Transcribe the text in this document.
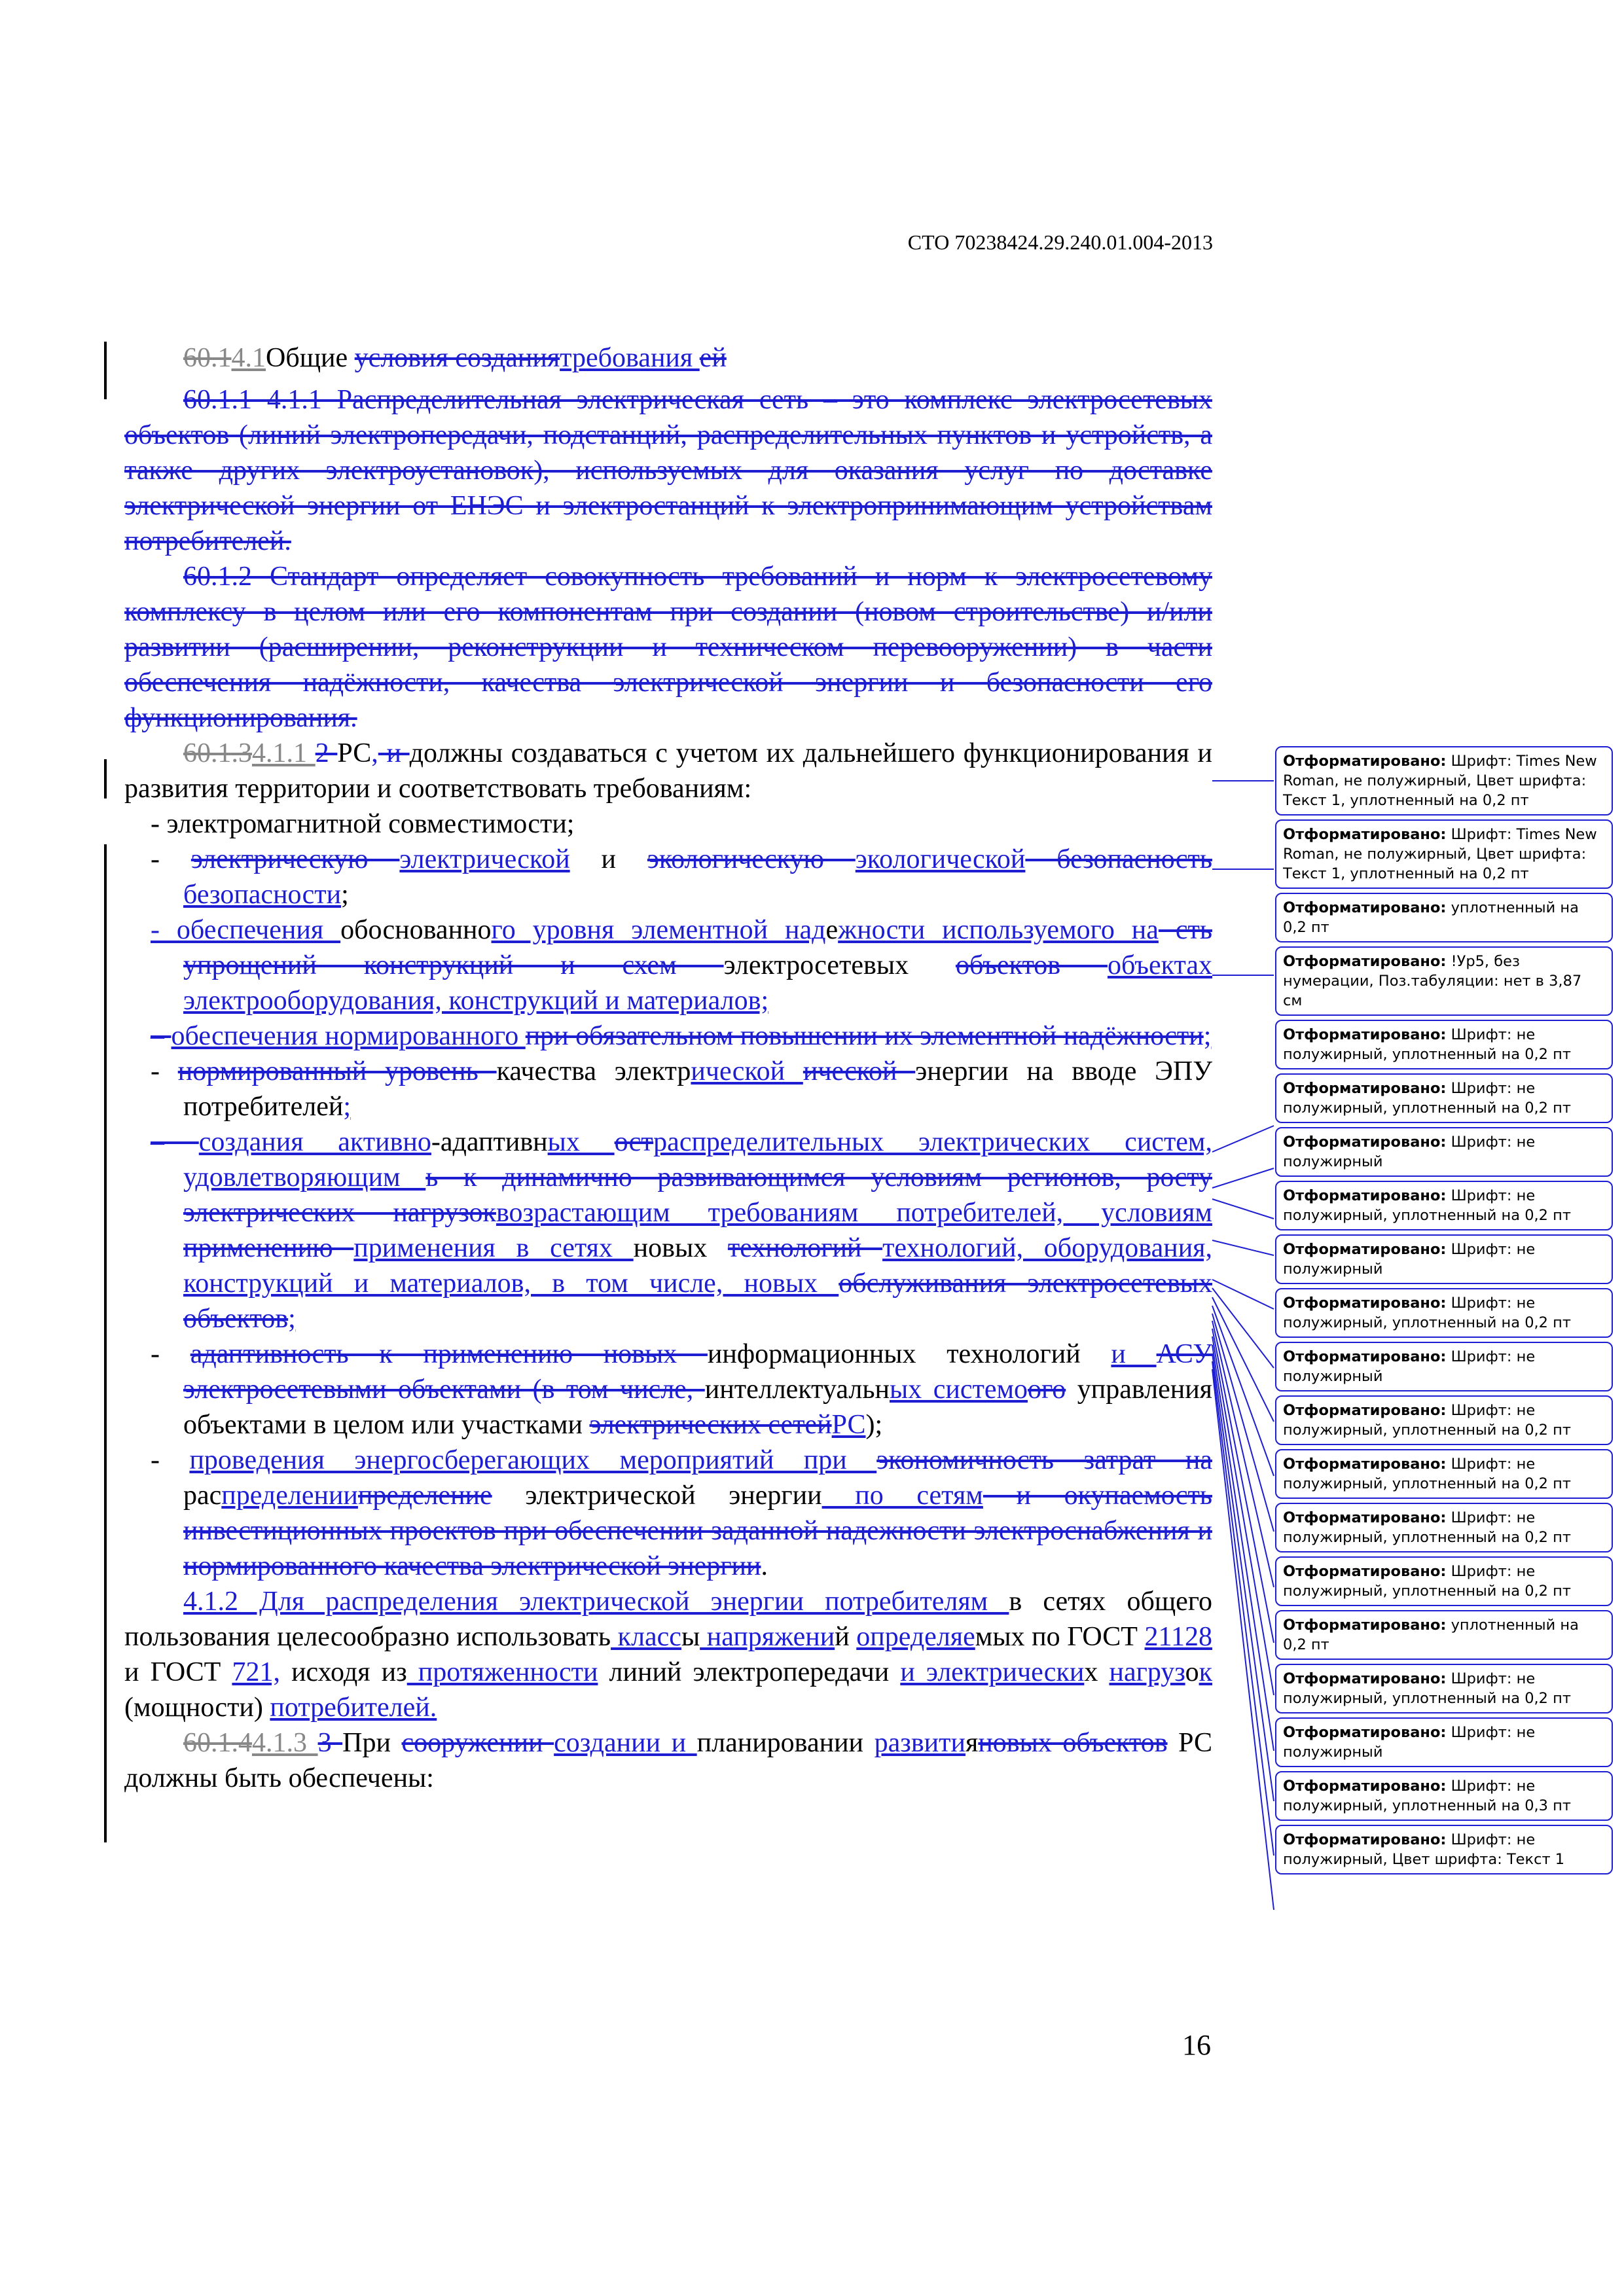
СТО 70238424.29.240.01.004-2013

60.14.1Общие условия созданиятребования ей

60.1.1 4.1.1 Распределительная электрическая сеть – это комплекс электросетевых объектов (линий электропередачи, подстанций, распределительных пунктов и устройств, а также других электроустановок), используемых для оказания услуг по доставке электрической энергии от ЕНЭС и электростанций к электропринимающим устройствам потребителей.

60.1.2 Стандарт определяет совокупность требований и норм к электросетевому комплексу в целом или его компонентам при создании (новом строительстве) и/или развитии (расширении, реконструкции и техническом перевооружении) в части обеспечения надёжности, качества электрической энергии и безопасности его функционирования.

60.1.34.1.1 2 РС, и должны создаваться с учетом их дальнейшего функционирования и развития территории и соответствовать требованиям:

- электромагнитной совместимости;

- электрическую электрической и экологическую экологической безопасность безопасности;

- обеспечения обоснованного уровня элементной надежности используемого на сть упрощений конструкций и схем электросетевых объектов объектах электрооборудования, конструкций и материалов;

– обеспечения нормированного при обязательном повышении их элементной надёжности;

- нормированный уровень качества электрической ической энергии на вводе ЭПУ потребителей;

– создания активно-адаптивных остраспределительных электрических систем, удовлетворяющим ь к динамично развивающимся условиям регионов, росту электрических нагрузоквозрастающим требованиям потребителей, условиям применению применения в сетях новых технологий технологий, оборудования, конструкций и материалов, в том числе, новых обслуживания электросетевых объектов;

- адаптивность к применению новых информационных технологий и АСУ электросетевыми объектами (в том числе, интеллектуальных системоого управления объектами в целом или участками электрических сетейРС);

- проведения энергосберегающих мероприятий при экономичность затрат на распределениипределение электрической энергии по сетям и окупаемость инвестиционных проектов при обеспечении заданной надежности электроснабжения и нормированного качества электрической энергии.

4.1.2 Для распределения электрической энергии потребителям в сетях общего пользования целесообразно использовать классы напряжений определяемых по ГОСТ 21128 и ГОСТ 721, исходя из протяженности линий электропередачи и электрических нагрузок (мощности) потребителей.

60.1.44.1.3 3 При сооружении создании и планировании развитияновых объектов РС должны быть обеспечены:

Отформатировано: Шрифт: Times New Roman, не полужирный, Цвет шрифта: Текст 1, уплотненный на 0,2 пт
Отформатировано: Шрифт: Times New Roman, не полужирный, Цвет шрифта: Текст 1, уплотненный на 0,2 пт
Отформатировано: уплотненный на 0,2 пт
Отформатировано: !Ур5, без нумерации, Поз.табуляции: нет в 3,87 см
Отформатировано: Шрифт: не полужирный, уплотненный на 0,2 пт
Отформатировано: Шрифт: не полужирный, уплотненный на 0,2 пт
Отформатировано: Шрифт: не полужирный
Отформатировано: Шрифт: не полужирный, уплотненный на 0,2 пт
Отформатировано: Шрифт: не полужирный
Отформатировано: Шрифт: не полужирный, уплотненный на 0,2 пт
Отформатировано: Шрифт: не полужирный
Отформатировано: Шрифт: не полужирный, уплотненный на 0,2 пт
Отформатировано: Шрифт: не полужирный, уплотненный на 0,2 пт
Отформатировано: Шрифт: не полужирный, уплотненный на 0,2 пт
Отформатировано: Шрифт: не полужирный, уплотненный на 0,2 пт
Отформатировано: уплотненный на 0,2 пт
Отформатировано: Шрифт: не полужирный, уплотненный на 0,2 пт
Отформатировано: Шрифт: не полужирный
Отформатировано: Шрифт: не полужирный, уплотненный на 0,3 пт
Отформатировано: Шрифт: не полужирный, Цвет шрифта: Текст 1
16
